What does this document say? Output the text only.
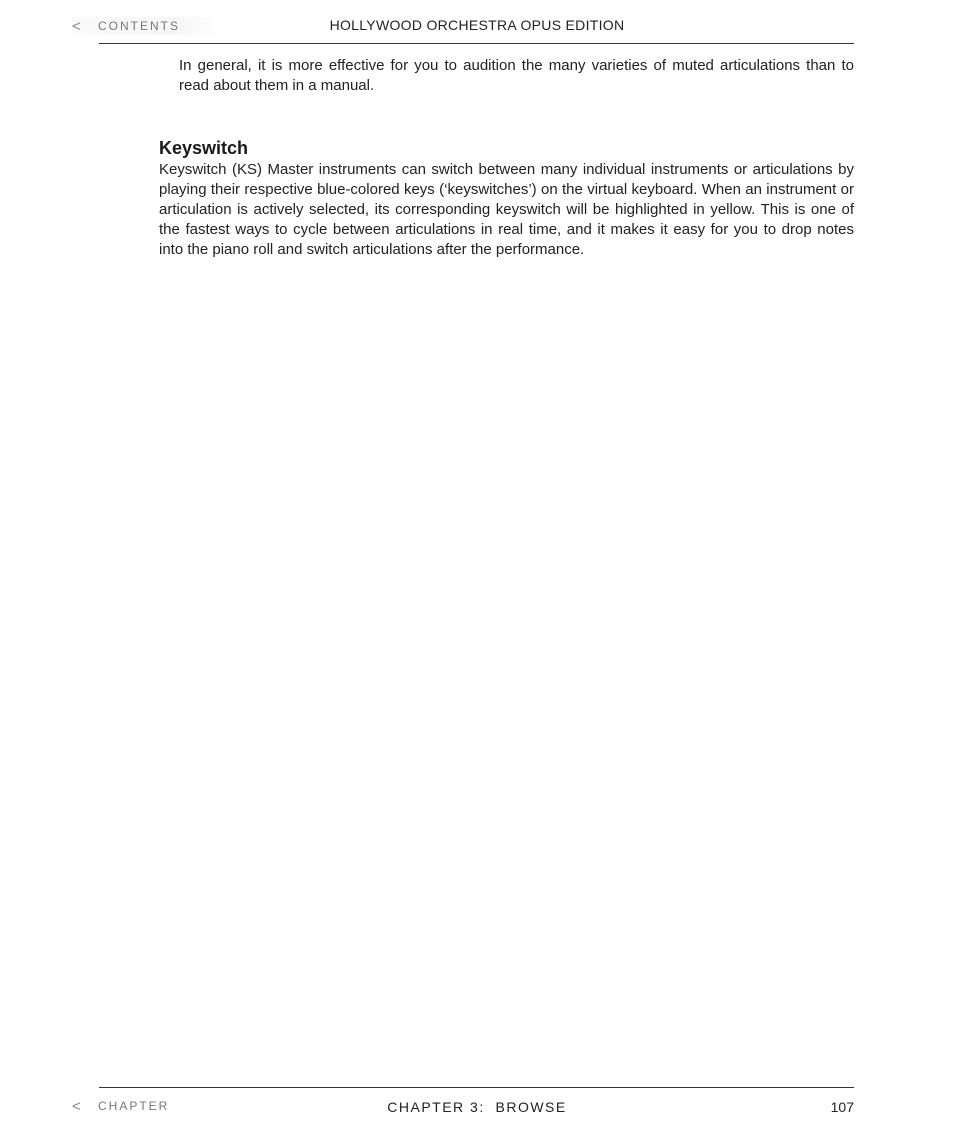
<	CONTENTS	HOLLYWOOD ORCHESTRA OPUS EDITION

In general, it is more effective for you to audition the many varieties of muted articulations than to read about them in a manual.

Keyswitch

Keyswitch (KS) Master instruments can switch between many individual instruments or articulations by playing their respective blue-colored keys (‘keyswitches’) on the virtual keyboard. When an instrument or articulation is actively selected, its corresponding keyswitch will be highlighted in yellow. This is one of the fastest ways to cycle between articulations in real time, and it makes it easy for you to drop notes into the piano roll and switch articulations after the performance.

<	CHAPTER	CHAPTER 3:  BROWSE	107
